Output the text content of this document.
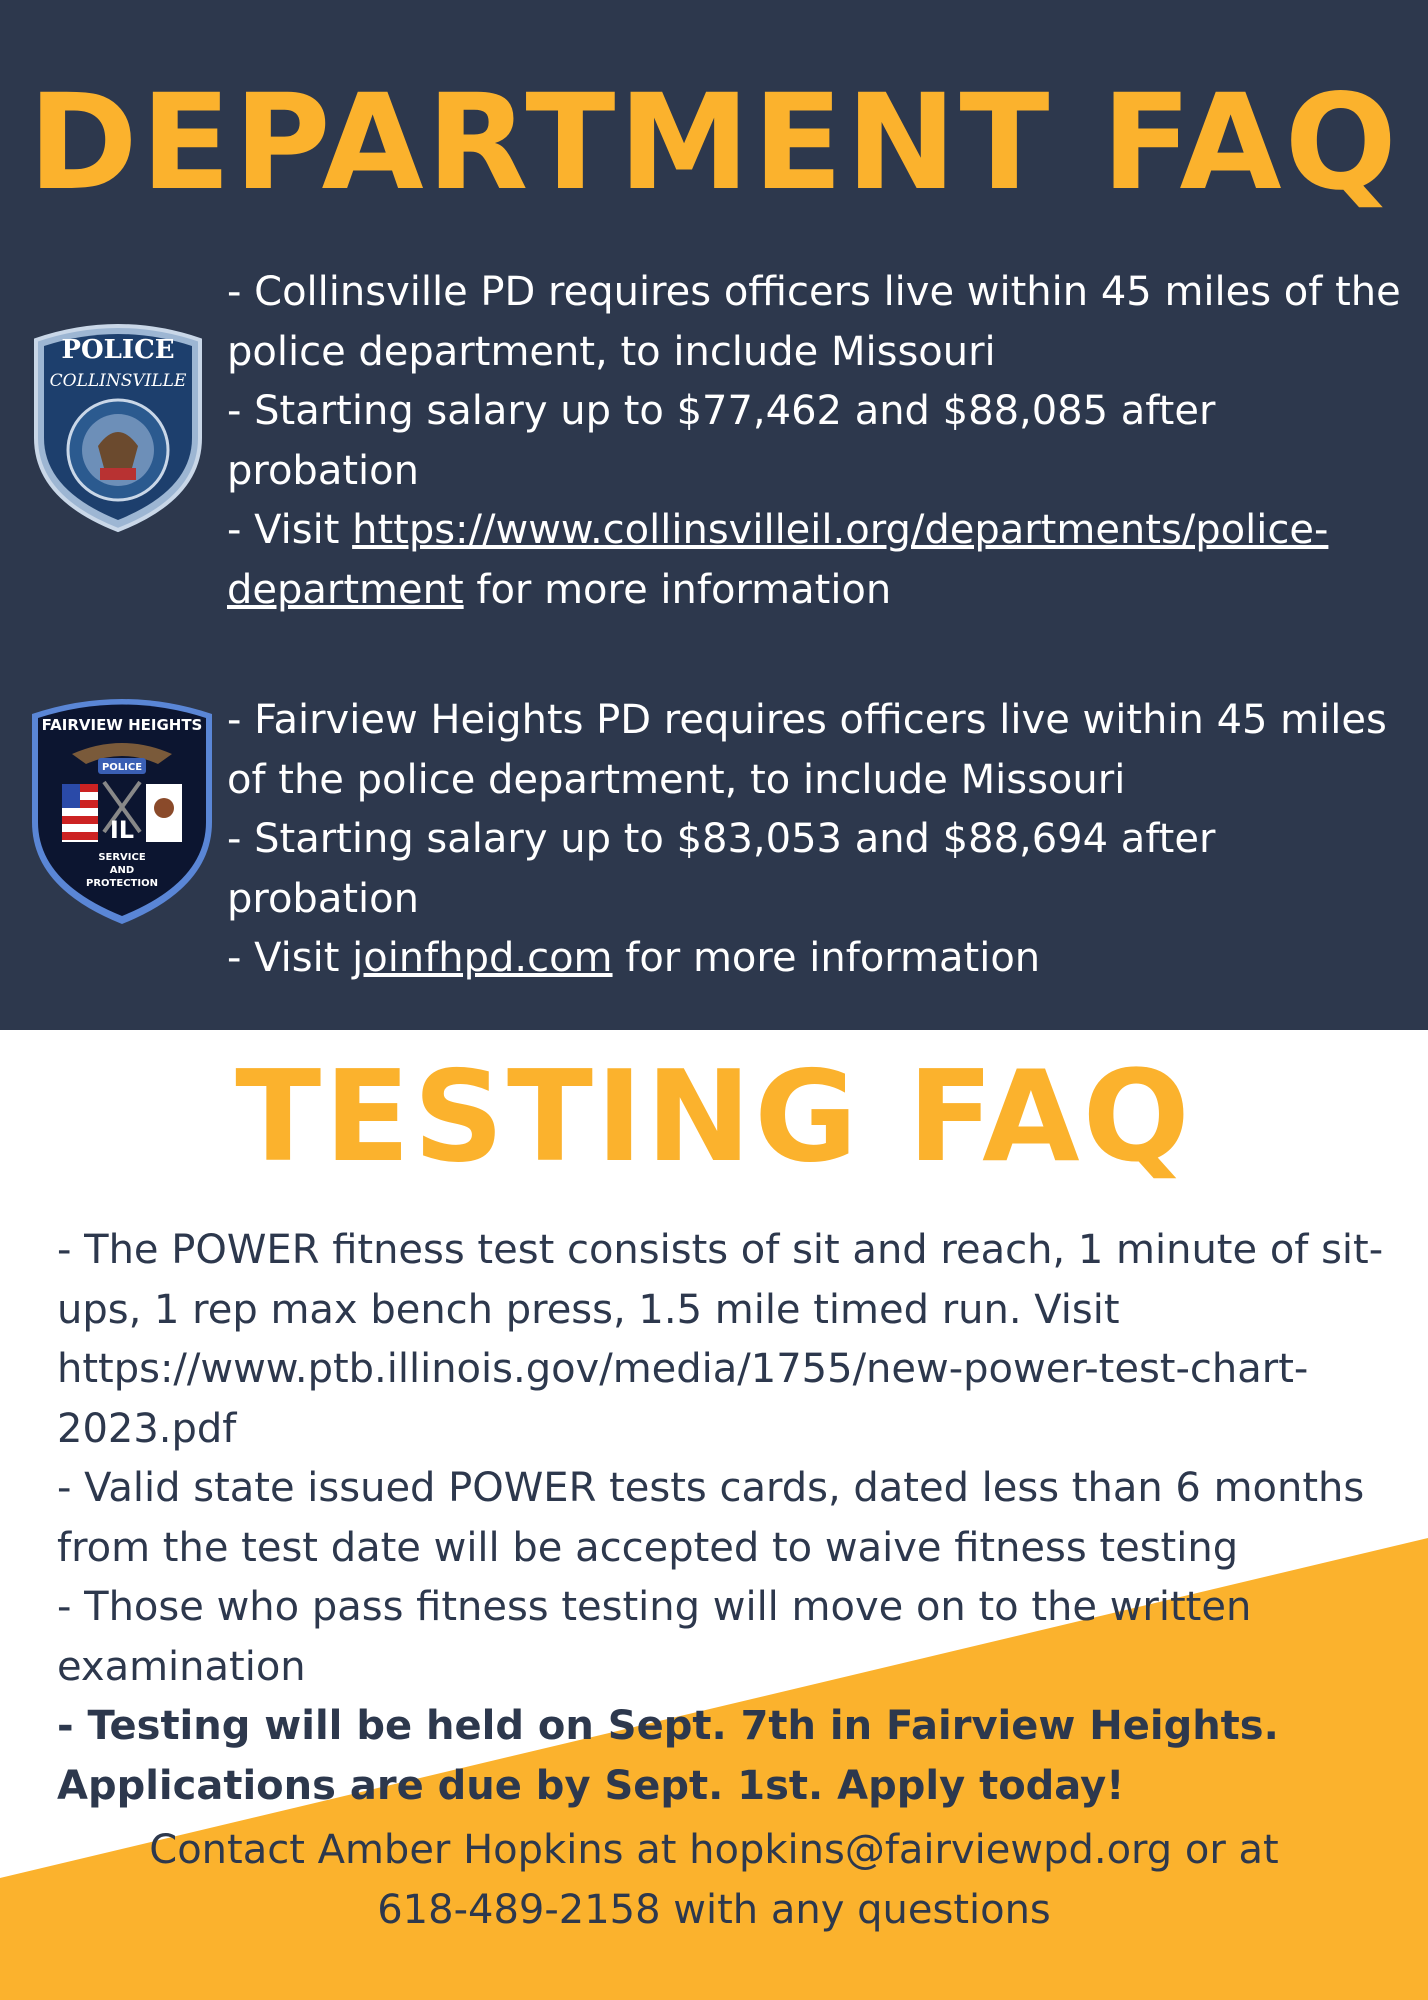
DEPARTMENT FAQ
POLICE
COLLINSVILLE

- Collinsville PD requires officers live within 45 miles of the police department, to include Missouri

- Starting salary up to $77,462 and $88,085 after probation

- Visit https://www.collinsvilleil.org/departments/police-department for more information

FAIRVIEW HEIGHTS
POLICE
IL
SERVICE
AND
PROTECTION

- Fairview Heights PD requires officers live within 45 miles of the police department, to include Missouri

- Starting salary up to $83,053 and $88,694 after probation

- Visit joinfhpd.com for more information

TESTING FAQ

- The POWER fitness test consists of sit and reach, 1 minute of sit-ups, 1 rep max bench press, 1.5 mile timed run. Visit https://www.ptb.illinois.gov/media/1755/new-power-test-chart-2023.pdf

- Valid state issued POWER tests cards, dated less than 6 months from the test date will be accepted to waive fitness testing

- Those who pass fitness testing will move on to the written examination

- Testing will be held on Sept. 7th in Fairview Heights. Applications are due by Sept. 1st. Apply today!

Contact Amber Hopkins at hopkins@fairviewpd.org or at

618-489-2158 with any questions
